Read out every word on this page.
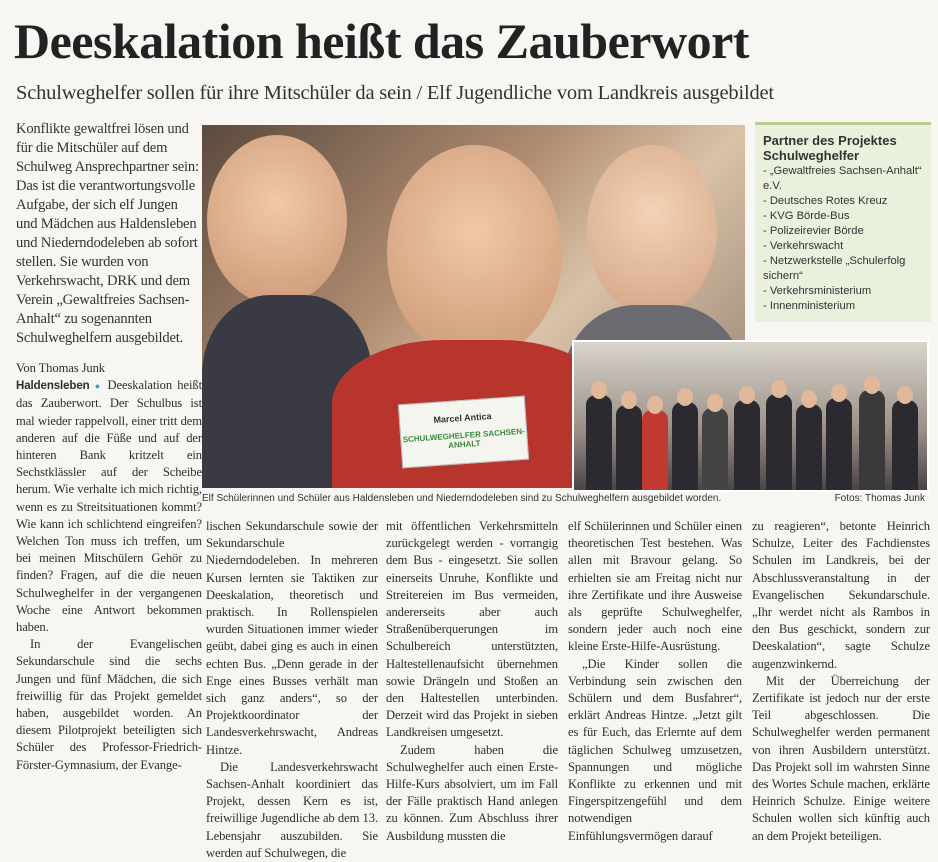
Deeskalation heißt das Zauberwort
Schulweghelfer sollen für ihre Mitschüler da sein / Elf Jugendliche vom Landkreis ausgebildet

Konflikte gewaltfrei lösen und für die Mitschüler auf dem Schulweg Ansprechpartner sein: Das ist die verantwortungsvolle Aufgabe, der sich elf Jungen und Mädchen aus Haldensleben und Niederndodeleben ab sofort stellen. Sie wurden von Verkehrswacht, DRK und dem Verein „Gewaltfreies Sachsen-Anhalt“ zu sogenannten Schulweghelfern ausgebildet.

Von Thomas Junk

Haldensleben ● Deeskalation heißt das Zauberwort. Der Schulbus ist mal wieder rappelvoll, einer tritt dem anderen auf die Füße und auf der hinteren Bank kritzelt ein Sechstklässler auf der Scheibe herum. Wie verhalte ich mich richtig, wenn es zu Streitsituationen kommt? Wie kann ich schlichtend eingreifen? Welchen Ton muss ich treffen, um bei meinen Mitschülern Gehör zu finden? Fragen, auf die die neuen Schulweghelfer in der vergangenen Woche eine Antwort bekommen haben.

In der Evangelischen Sekundarschule sind die sechs Jungen und fünf Mädchen, die sich freiwillig für das Projekt gemeldet haben, ausgebildet worden. An diesem Pilotprojekt beteiligten sich Schüler des Professor-Friedrich-Förster-Gymnasium, der Evange-

Marcel Antica
SCHULWEGHELFER SACHSEN-ANHALT
Elf Schülerinnen und Schüler aus Haldensleben und Niederndodeleben sind zu Schulweghelfern ausgebildet worden.	Fotos: Thomas Junk
Partner des Projektes Schulweghelfer
- „Gewaltfreies Sachsen-Anhalt“ e.V.
- Deutsches Rotes Kreuz
- KVG Börde-Bus
- Polizeirevier Börde
- Verkehrswacht
- Netzwerkstelle „Schulerfolg sichern“
- Verkehrsministerium
- Innenministerium

lischen Sekundarschule sowie der Sekundarschule Niederndodeleben. In mehreren Kursen lernten sie Taktiken zur Deeskalation, theoretisch und praktisch. In Rollenspielen wurden Situationen immer wieder geübt, dabei ging es auch in einen echten Bus. „Denn gerade in der Enge eines Busses verhält man sich ganz anders“, so der Projektkoordinator der Landesverkehrswacht, Andreas Hintze.

Die Landesverkehrswacht Sachsen-Anhalt koordiniert das Projekt, dessen Kern es ist, freiwillige Jugendliche ab dem 13. Lebensjahr auszubilden. Sie werden auf Schulwegen, die

mit öffentlichen Verkehrsmitteln zurückgelegt werden - vorrangig dem Bus - eingesetzt. Sie sollen einerseits Unruhe, Konflikte und Streitereien im Bus vermeiden, andererseits aber auch Straßenüberquerungen im Schulbereich unterstützten, Haltestellenaufsicht übernehmen sowie Drängeln und Stoßen an den Haltestellen unterbinden. Derzeit wird das Projekt in sieben Landkreisen umgesetzt.

Zudem haben die Schulweghelfer auch einen Erste-Hilfe-Kurs absolviert, um im Fall der Fälle praktisch Hand anlegen zu können. Zum Abschluss ihrer Ausbildung mussten die

elf Schülerinnen und Schüler einen theoretischen Test bestehen. Was allen mit Bravour gelang. So erhielten sie am Freitag nicht nur ihre Zertifikate und ihre Ausweise als geprüfte Schulweghelfer, sondern jeder auch noch eine kleine Erste-Hilfe-Ausrüstung.

„Die Kinder sollen die Verbindung sein zwischen den Schülern und dem Busfahrer“, erklärt Andreas Hintze. „Jetzt gilt es für Euch, das Erlernte auf dem täglichen Schulweg umzusetzen, Spannungen und mögliche Konflikte zu erkennen und mit Fingerspitzengefühl und dem notwendigen Einfühlungsvermögen darauf

zu reagieren“, betonte Heinrich Schulze, Leiter des Fachdienstes Schulen im Landkreis, bei der Abschlussveranstaltung in der Evangelischen Sekundarschule. „Ihr werdet nicht als Rambos in den Bus geschickt, sondern zur Deeskalation“, sagte Schulze augenzwinkernd.

Mit der Überreichung der Zertifikate ist jedoch nur der erste Teil abgeschlossen. Die Schulweghelfer werden permanent von ihren Ausbildern unterstützt. Das Projekt soll im wahrsten Sinne des Wortes Schule machen, erklärte Heinrich Schulze. Einige weitere Schulen wollen sich künftig auch an dem Projekt beteiligen.
